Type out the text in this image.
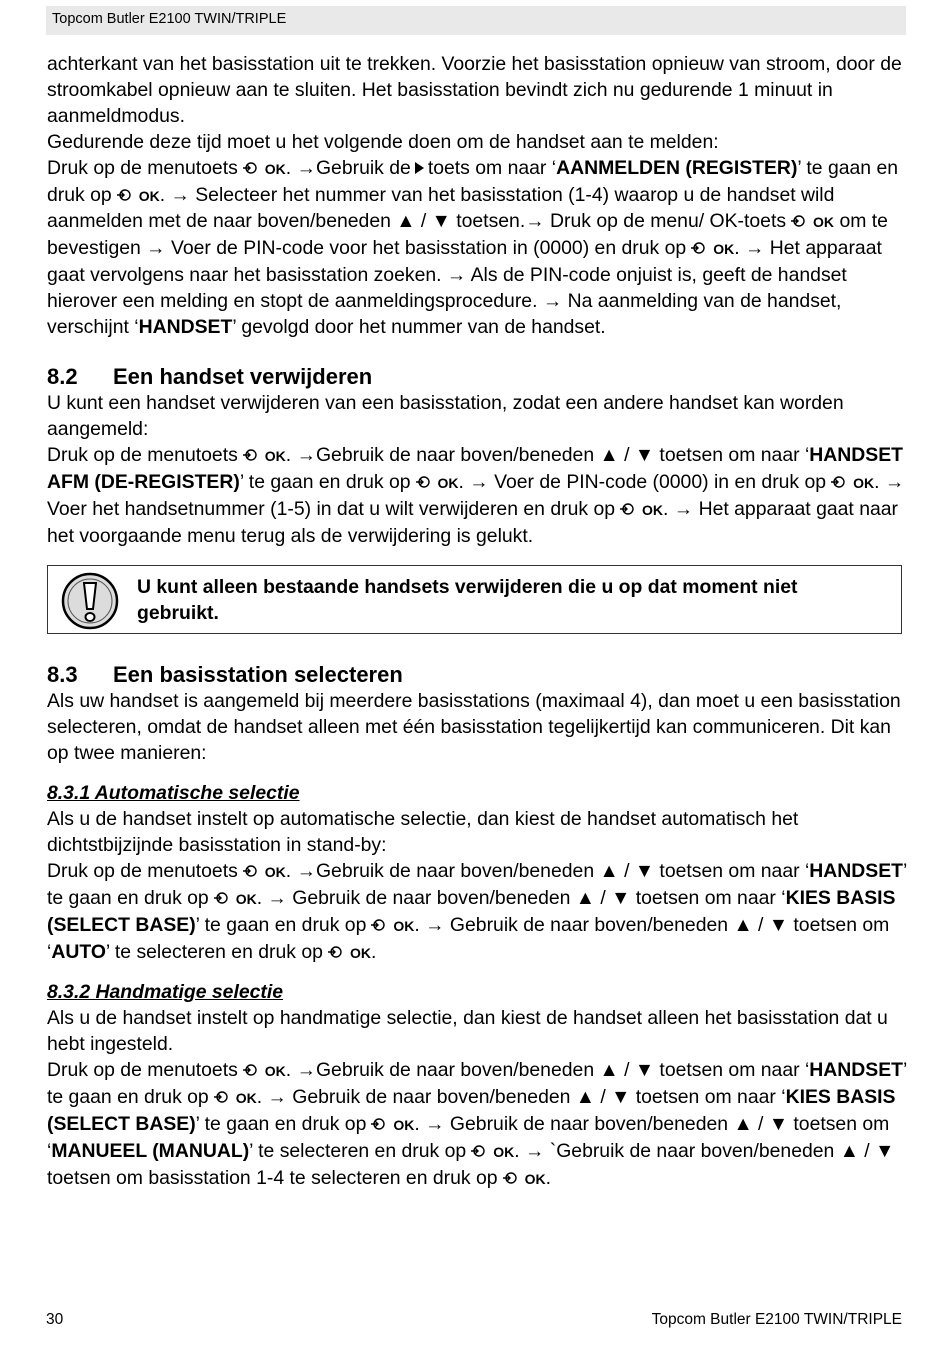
Topcom Butler E2100 TWIN/TRIPLE

achterkant van het basisstation uit te trekken. Voorzie het basisstation opnieuw van stroom, door de stroomkabel opnieuw aan te sluiten. Het basisstation bevindt zich nu gedurende 1 minuut in aanmeldmodus.

Gedurende deze tijd moet u het volgende doen om de handset aan te melden:

Druk op de menutoets OK. →Gebruik de toets om naar ‘AANMELDEN (REGISTER)’ te gaan en druk op OK. → Selecteer het nummer van het basisstation (1-4) waarop u de handset wild aanmelden met de naar boven/beneden ▲ / ▼ toetsen.→ Druk op de menu/ OK-toets OK om te bevestigen → Voer de PIN-code voor het basisstation in (0000) en druk op OK. → Het apparaat gaat vervolgens naar het basisstation zoeken. → Als de PIN-code onjuist is, geeft de handset hierover een melding en stopt de aanmeldingsprocedure. → Na aanmelding van de handset, verschijnt ‘HANDSET’ gevolgd door het nummer van de handset.

8.2 Een handset verwijderen

U kunt een handset verwijderen van een basisstation, zodat een andere handset kan worden aangemeld:

Druk op de menutoets OK. →Gebruik de naar boven/beneden ▲ / ▼ toetsen om naar ‘HANDSET AFM (DE-REGISTER)’ te gaan en druk op OK. → Voer de PIN-code (0000) in en druk op OK. → Voer het handsetnummer (1-5) in dat u wilt verwijderen en druk op OK. → Het apparaat gaat naar het voorgaande menu terug als de verwijdering is gelukt.

U kunt alleen bestaande handsets verwijderen die u op dat moment niet gebruikt.
8.3 Een basisstation selecteren

Als uw handset is aangemeld bij meerdere basisstations (maximaal 4), dan moet u een basisstation selecteren, omdat de handset alleen met één basisstation tegelijkertijd kan communiceren. Dit kan op twee manieren:

8.3.1 Automatische selectie

Als u de handset instelt op automatische selectie, dan kiest de handset automatisch het dichtstbijzijnde basisstation in stand-by:

Druk op de menutoets OK. →Gebruik de naar boven/beneden ▲ / ▼ toetsen om naar ‘HANDSET’ te gaan en druk op OK. → Gebruik de naar boven/beneden ▲ / ▼ toetsen om naar ‘KIES BASIS (SELECT BASE)’ te gaan en druk op OK. → Gebruik de naar boven/beneden ▲ / ▼ toetsen om ‘AUTO’ te selecteren en druk op OK.

8.3.2 Handmatige selectie

Als u de handset instelt op handmatige selectie, dan kiest de handset alleen het basisstation dat u hebt ingesteld.

Druk op de menutoets OK. →Gebruik de naar boven/beneden ▲ / ▼ toetsen om naar ‘HANDSET’ te gaan en druk op OK. → Gebruik de naar boven/beneden ▲ / ▼ toetsen om naar ‘KIES BASIS (SELECT BASE)’ te gaan en druk op OK. → Gebruik de naar boven/beneden ▲ / ▼ toetsen om ‘MANUEEL (MANUAL)’ te selecteren en druk op OK. → `Gebruik de naar boven/beneden ▲ / ▼ toetsen om basisstation 1-4 te selecteren en druk op OK.

30	Topcom Butler E2100 TWIN/TRIPLE
